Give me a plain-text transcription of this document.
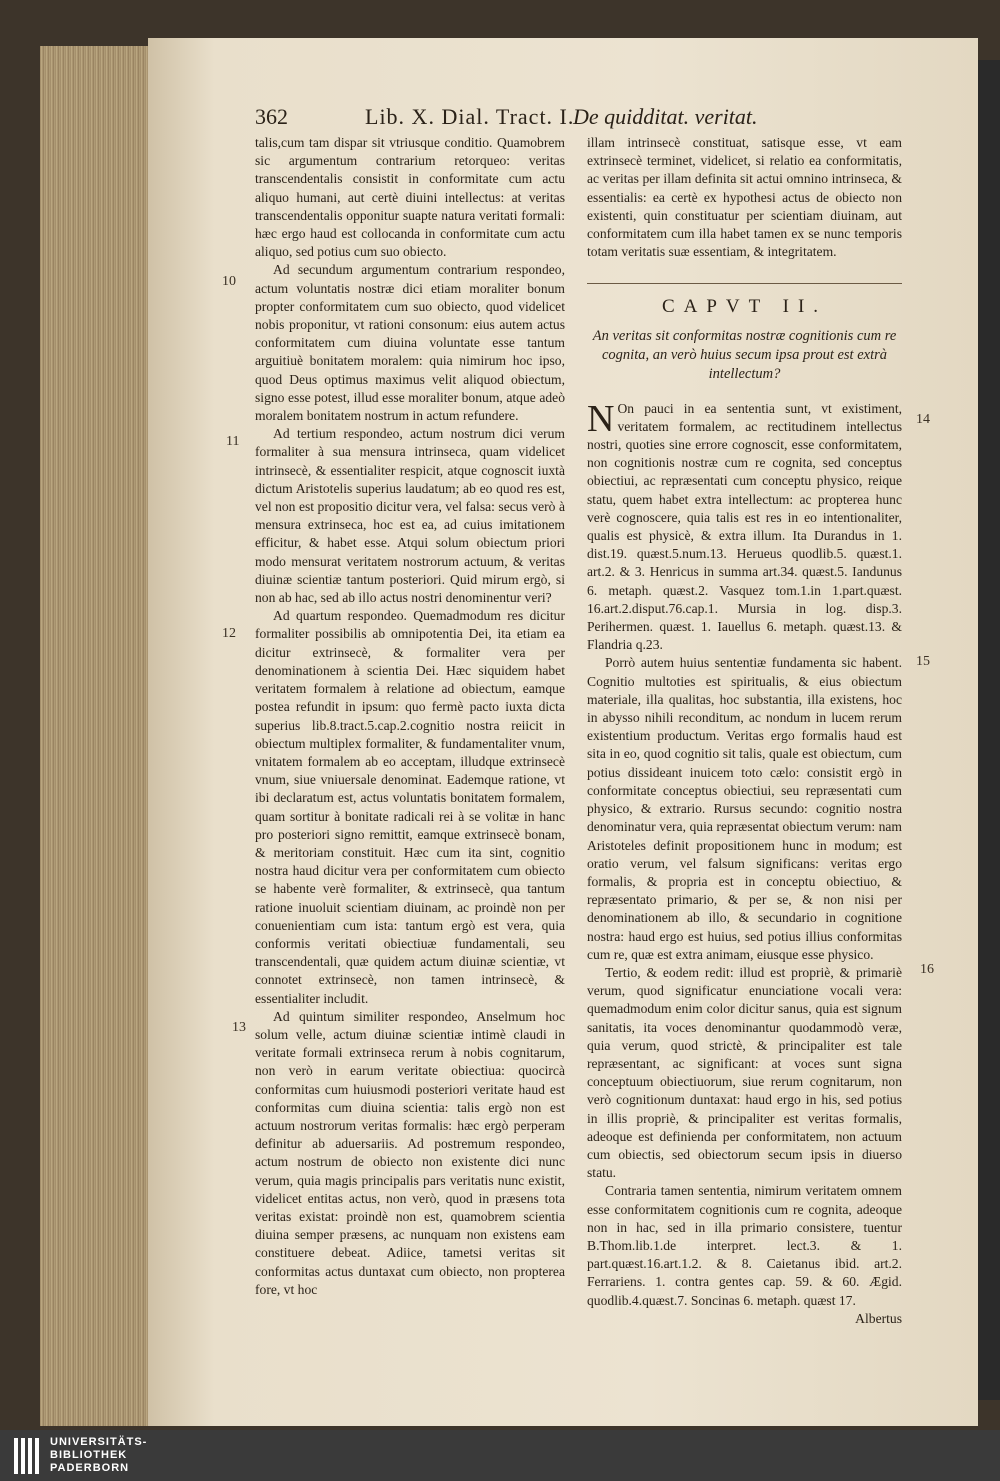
362	Lib. X. Dial. Tract. I.
De quidditat. veritat.
10
11
12
13
14
15
16

talis,cum tam dispar sit vtriusque conditio. Quamobrem sic argumentum contrarium retorqueo: veritas transcendentalis consistit in conformitate cum actu aliquo humani, aut certè diuini intellectus: at veritas transcendentalis opponitur suapte natura veritati formali: hæc ergo haud est collocanda in conformitate cum actu aliquo, sed potius cum suo obiecto.

Ad secundum argumentum contrarium respondeo, actum voluntatis nostræ dici etiam moraliter bonum propter conformitatem cum suo obiecto, quod videlicet nobis proponitur, vt rationi consonum: eius autem actus conformitatem cum diuina voluntate esse tantum arguitiuè bonitatem moralem: quia nimirum hoc ipso, quod Deus optimus maximus velit aliquod obiectum, signo esse potest, illud esse moraliter bonum, atque adeò moralem bonitatem nostrum in actum refundere.

Ad tertium respondeo, actum nostrum dici verum formaliter à sua mensura intrinseca, quam videlicet intrinsecè, & essentialiter respicit, atque cognoscit iuxtà dictum Aristotelis superius laudatum; ab eo quod res est, vel non est propositio dicitur vera, vel falsa: secus verò à mensura extrinseca, hoc est ea, ad cuius imitationem efficitur, & habet esse. Atqui solum obiectum priori modo mensurat veritatem nostrorum actuum, & veritas diuinæ scientiæ tantum posteriori. Quid mirum ergò, si non ab hac, sed ab illo actus nostri denominentur veri?

Ad quartum respondeo. Quemadmodum res dicitur formaliter possibilis ab omnipotentia Dei, ita etiam ea dicitur extrinsecè, & formaliter vera per denominationem à scientia Dei. Hæc siquidem habet veritatem formalem à relatione ad obiectum, eamque postea refundit in ipsum: quo fermè pacto iuxta dicta superius lib.8.tract.5.cap.2.cognitio nostra reiicit in obiectum multiplex formaliter, & fundamentaliter vnum, vnitatem formalem ab eo acceptam, illudque extrinsecè vnum, siue vniuersale denominat. Eademque ratione, vt ibi declaratum est, actus voluntatis bonitatem formalem, quam sortitur à bonitate radicali rei à se volitæ in hanc pro posteriori signo remittit, eamque extrinsecè bonam, & meritoriam constituit. Hæc cum ita sint, cognitio nostra haud dicitur vera per conformitatem cum obiecto se habente verè formaliter, & extrinsecè, qua tantum ratione inuoluit scientiam diuinam, ac proindè non per conuenientiam cum ista: tantum ergò est vera, quia conformis veritati obiectiuæ fundamentali, seu transcendentali, quæ quidem actum diuinæ scientiæ, vt connotet extrinsecè, non tamen intrinsecè, & essentialiter includit.

Ad quintum similiter respondeo, Anselmum hoc solum velle, actum diuinæ scientiæ intimè claudi in veritate formali extrinseca rerum à nobis cognitarum, non verò in earum veritate obiectiua: quocircà conformitas cum huiusmodi posteriori veritate haud est conformitas cum diuina scientia: talis ergò non est actuum nostrorum veritas formalis: hæc ergò perperam definitur ab aduersariis. Ad postremum respondeo, actum nostrum de obiecto non existente dici nunc verum, quia magis principalis pars veritatis nunc existit, videlicet entitas actus, non verò, quod in præsens tota veritas existat: proindè non est, quamobrem scientia diuina semper præsens, ac nunquam non existens eam constituere debeat. Adiice, tametsi veritas sit conformitas actus duntaxat cum obiecto, non propterea fore, vt hoc

illam intrinsecè constituat, satisque esse, vt eam extrinsecè terminet, videlicet, si relatio ea conformitatis, ac veritas per illam definita sit actui omnino intrinseca, & essentialis: ea certè ex hypothesi actus de obiecto non existenti, quin constituatur per scientiam diuinam, aut conformitatem cum illa habet tamen ex se nunc temporis totam veritatis suæ essentiam, & integritatem.

CAPVT II.
An veritas sit conformitas nostræ cognitionis cum re cognita, an verò huius secum ipsa prout est extrà intellectum?

N On pauci in ea sententia sunt, vt existiment, veritatem formalem, ac rectitudinem intellectus nostri, quoties sine errore cognoscit, esse conformitatem, non cognitionis nostræ cum re cognita, sed conceptus obiectiui, ac repræsentati cum conceptu physico, reique statu, quem habet extra intellectum: ac propterea hunc verè cognoscere, quia talis est res in eo intentionaliter, qualis est physicè, & extra illum. Ita Durandus in 1. dist.19. quæst.5.num.13. Herueus quodlib.5. quæst.1. art.2. & 3. Henricus in summa art.34. quæst.5. Iandunus 6. metaph. quæst.2. Vasquez tom.1.in 1.part.quæst. 16.art.2.disput.76.cap.1. Mursia in log. disp.3. Perihermen. quæst. 1. Iauellus 6. metaph. quæst.13. & Flandria q.23.

Porrò autem huius sententiæ fundamenta sic habent. Cognitio multoties est spiritualis, & eius obiectum materiale, illa qualitas, hoc substantia, illa existens, hoc in abysso nihili reconditum, ac nondum in lucem rerum existentium productum. Veritas ergo formalis haud est sita in eo, quod cognitio sit talis, quale est obiectum, cum potius dissideant inuicem toto cælo: consistit ergò in conformitate conceptus obiectiui, seu repræsentati cum physico, & extrario. Rursus secundo: cognitio nostra denominatur vera, quia repræsentat obiectum verum: nam Aristoteles definit propositionem hunc in modum; est oratio verum, vel falsum significans: veritas ergo formalis, & propria est in conceptu obiectiuo, & repræsentato primario, & per se, & non nisi per denominationem ab illo, & secundario in cognitione nostra: haud ergo est huius, sed potius illius conformitas cum re, quæ est extra animam, eiusque esse physico.

Tertio, & eodem redit: illud est propriè, & primariè verum, quod significatur enunciatione vocali vera: quemadmodum enim color dicitur sanus, quia est signum sanitatis, ita voces denominantur quodammodò veræ, quia verum, quod strictè, & principaliter est tale repræsentant, ac significant: at voces sunt signa conceptuum obiectiuorum, siue rerum cognitarum, non verò cognitionum duntaxat: haud ergo in his, sed potius in illis propriè, & principaliter est veritas formalis, adeoque est definienda per conformitatem, non actuum cum obiectis, sed obiectorum secum ipsis in diuerso statu.

Contraria tamen sententia, nimirum veritatem omnem esse conformitatem cognitionis cum re cognita, adeoque non in hac, sed in illa primario consistere, tuentur B.Thom.lib.1.de interpret. lect.3. & 1. part.quæst.16.art.1.2. & 8. Caietanus ibid. art.2. Ferrariens. 1. contra gentes cap. 59. & 60. Ægid. quodlib.4.quæst.7. Soncinas 6. metaph. quæst 17.

Albertus

UNIVERSITÄTS-
BIBLIOTHEK
PADERBORN
